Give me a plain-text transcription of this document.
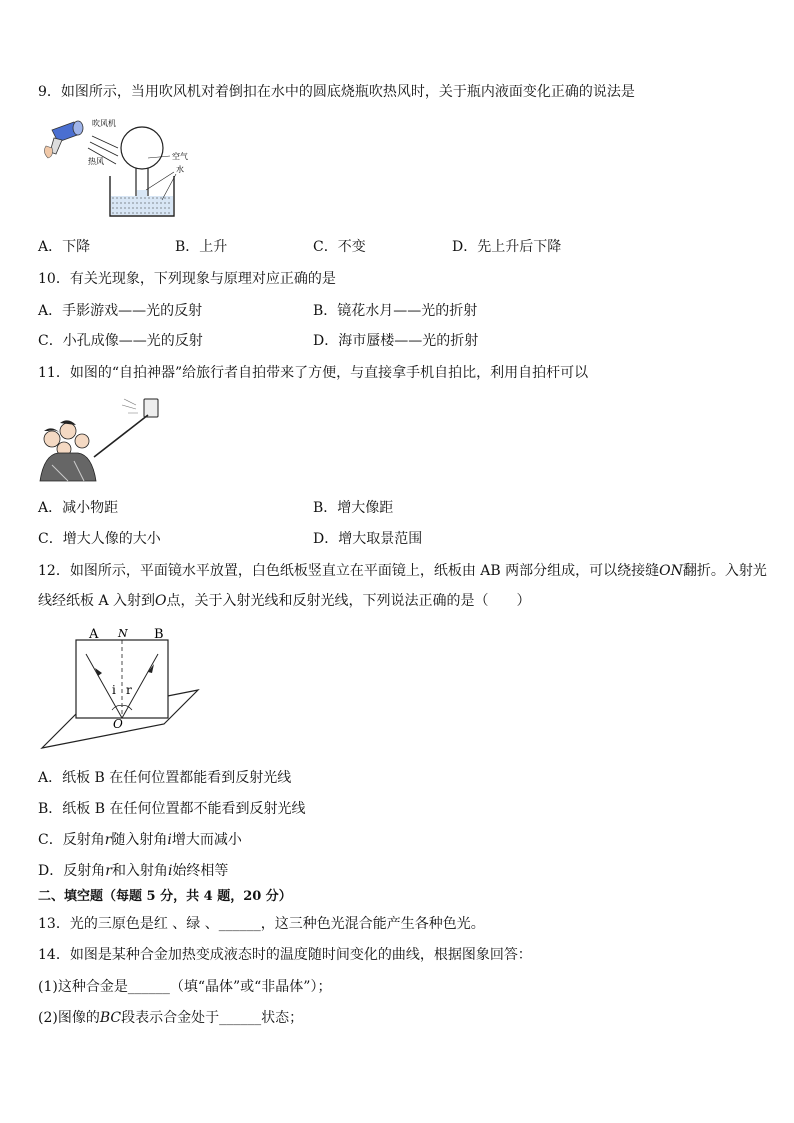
9．如图所示，当用吹风机对着倒扣在水中的圆底烧瓶吹热风时，关于瓶内液面变化正确的说法是
吹风机
热风
空气
水
A．下降	B．上升	C．不变	D．先上升后下降
10．有关光现象，下列现象与原理对应正确的是
A．手影游戏——光的反射	B．镜花水月——光的折射
C．小孔成像——光的反射	D．海市蜃楼——光的折射
11．如图的“自拍神器”给旅行者自拍带来了方便，与直接拿手机自拍比，利用自拍杆可以
A．减小物距	B．增大像距
C．增大人像的大小	D．增大取景范围
12．如图所示，平面镜水平放置，白色纸板竖直立在平面镜上，纸板由 AB 两部分组成，可以绕接缝ON翻折。入射光
线经纸板 A 入射到O点，关于入射光线和反射光线，下列说法正确的是（　　）
A N B
i r
O
A．纸板 B 在任何位置都能看到反射光线
B．纸板 B 在任何位置都不能看到反射光线
C．反射角r随入射角i增大而减小
D．反射角r和入射角i始终相等
二、填空题（每题 5 分，共 4 题，20 分）
13．光的三原色是红 、绿 、______，这三种色光混合能产生各种色光。
14．如图是某种合金加热变成液态时的温度随时间变化的曲线，根据图象回答：
(1)这种合金是______（填“晶体”或“非晶体”）；
(2)图像的BC段表示合金处于______状态；
